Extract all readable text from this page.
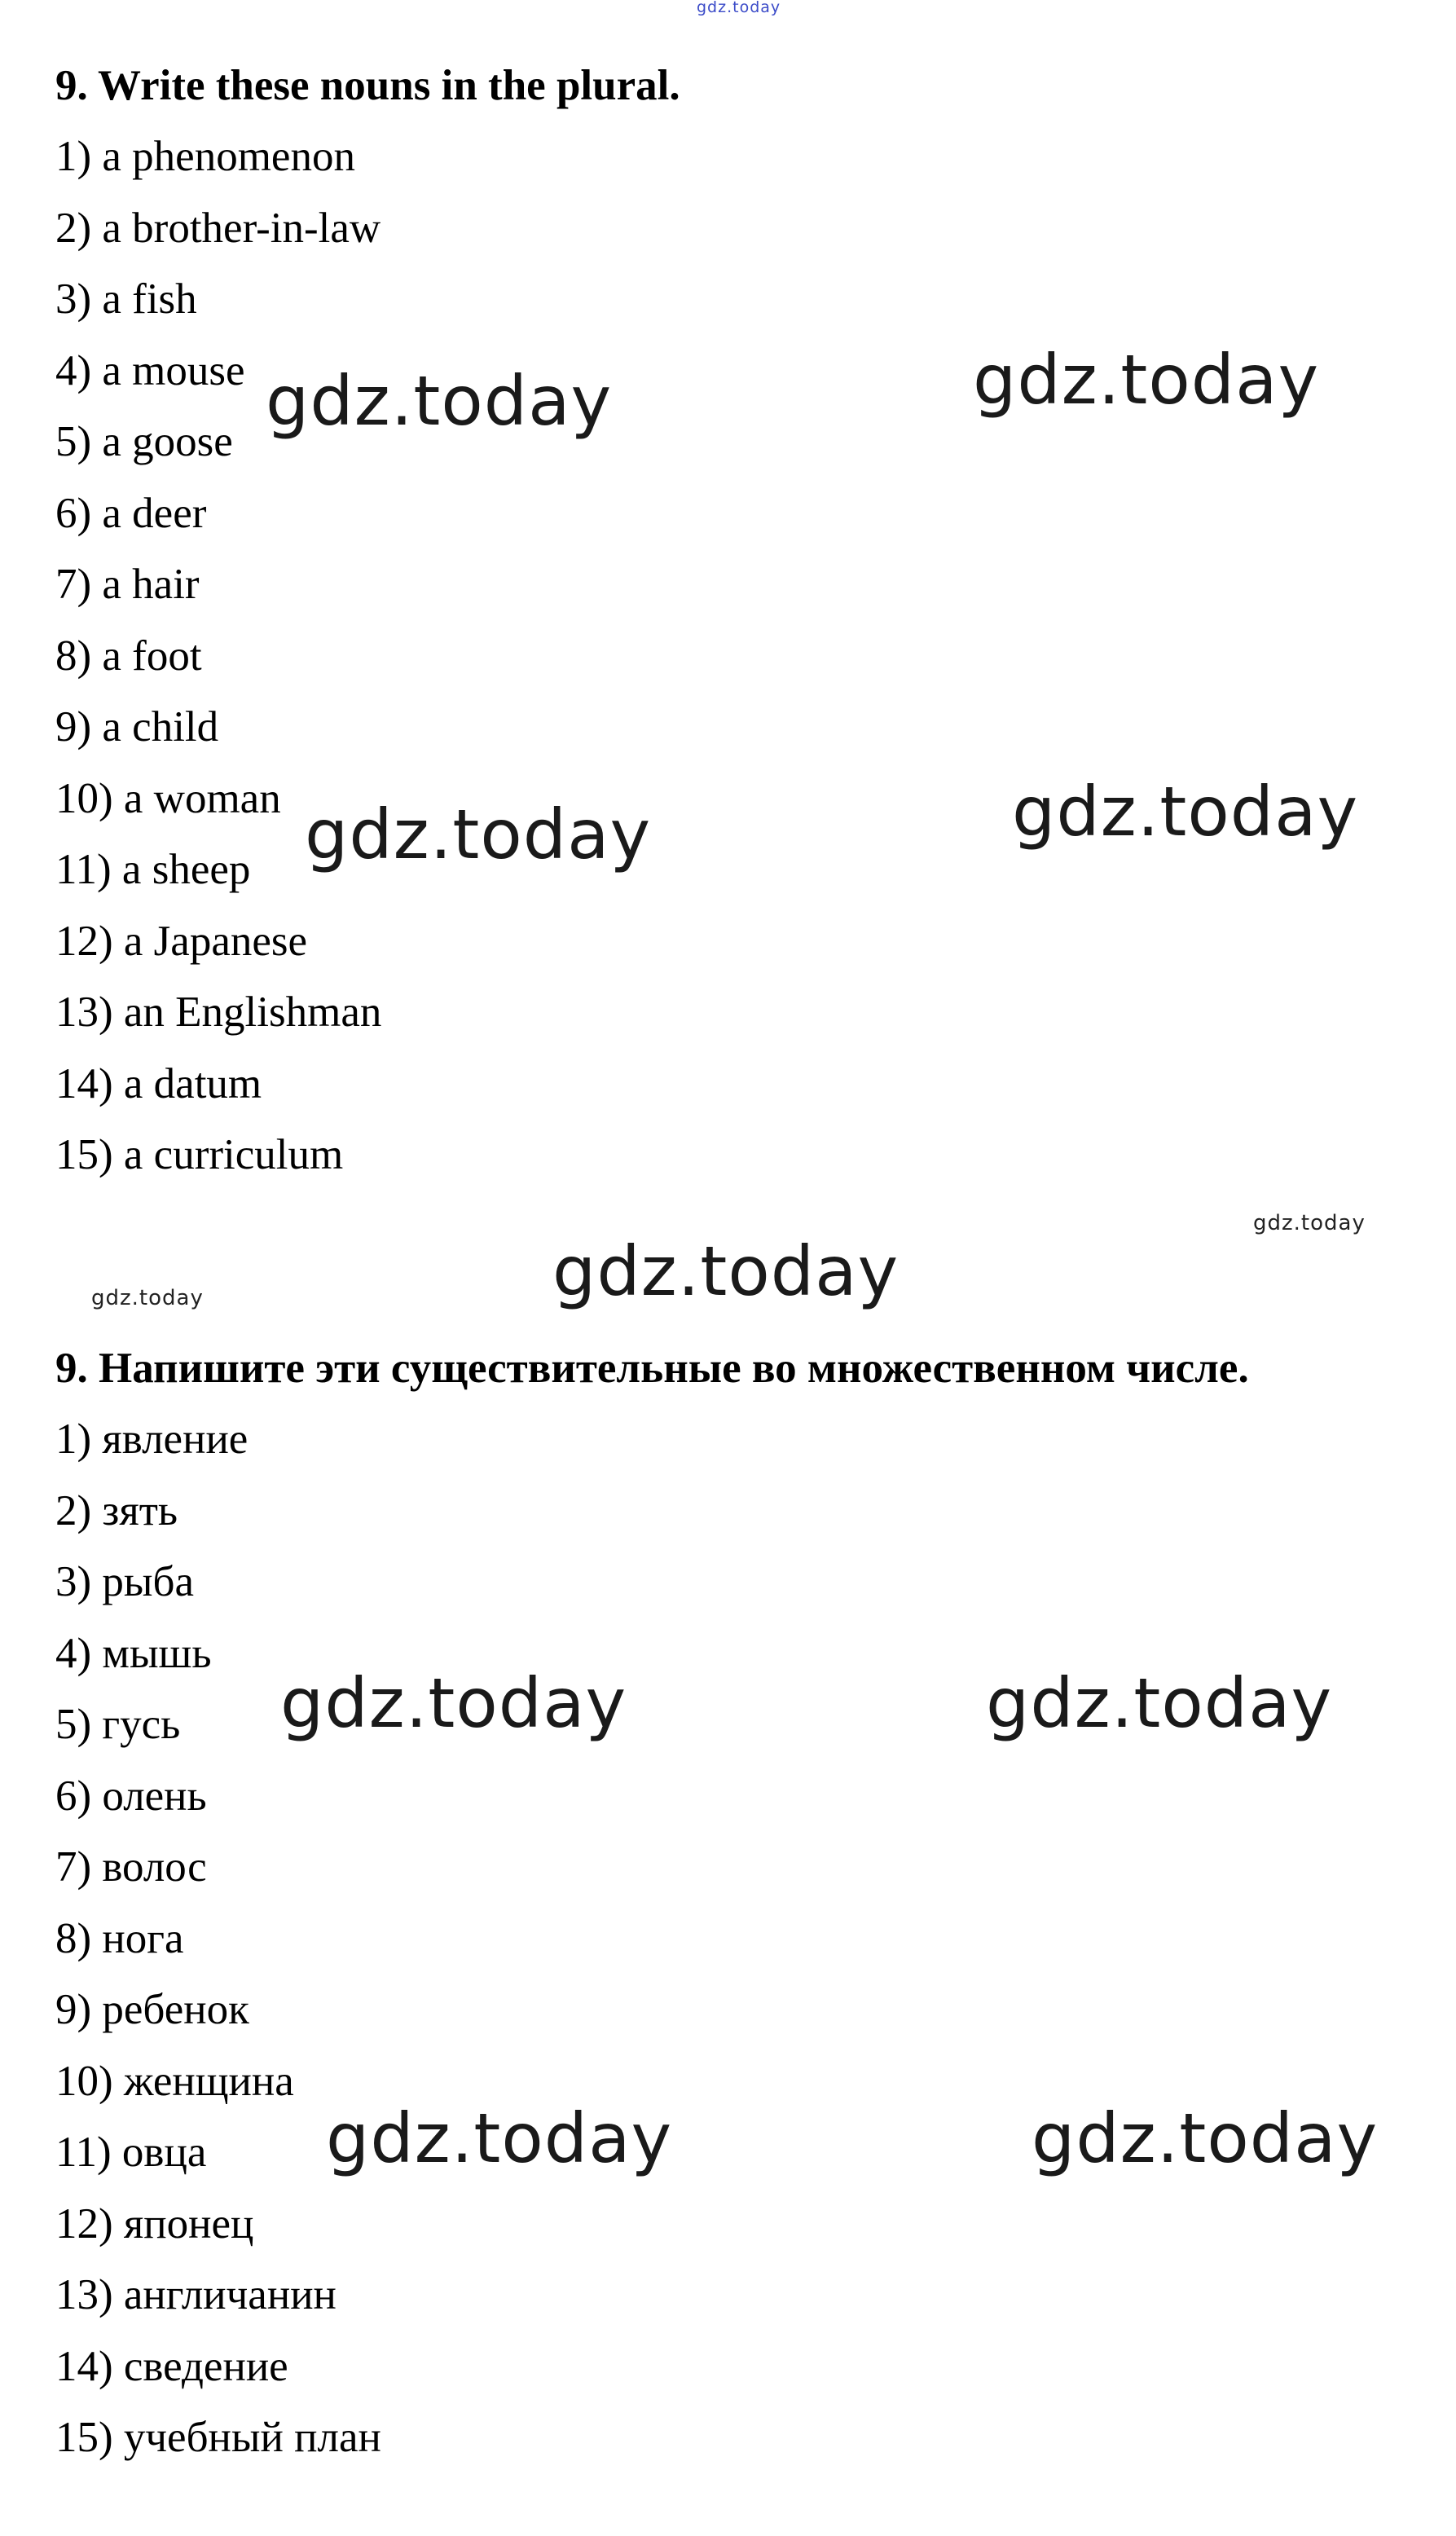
9. Write these nouns in the plural.
1) a phenomenon
2) a brother-in-law
3) a fish
4) a mouse
5) a goose
6) a deer
7) a hair
8) a foot
9) a child
10) a woman
11) a sheep
12) a Japanese
13) an Englishman
14) a datum
15) a curriculum
9. Напишите эти существительные во множественном числе.
1) явление
2) зять
3) рыба
4) мышь
5) гусь
6) олень
7) волос
8) нога
9) ребенок
10) женщина
11) овца
12) японец
13) англичанин
14) сведение
15) учебный план
gdz.today
gdz.today	gdz.today
gdz.today	gdz.today
gdz.today
gdz.today
gdz.today
gdz.today	gdz.today
gdz.today	gdz.today
